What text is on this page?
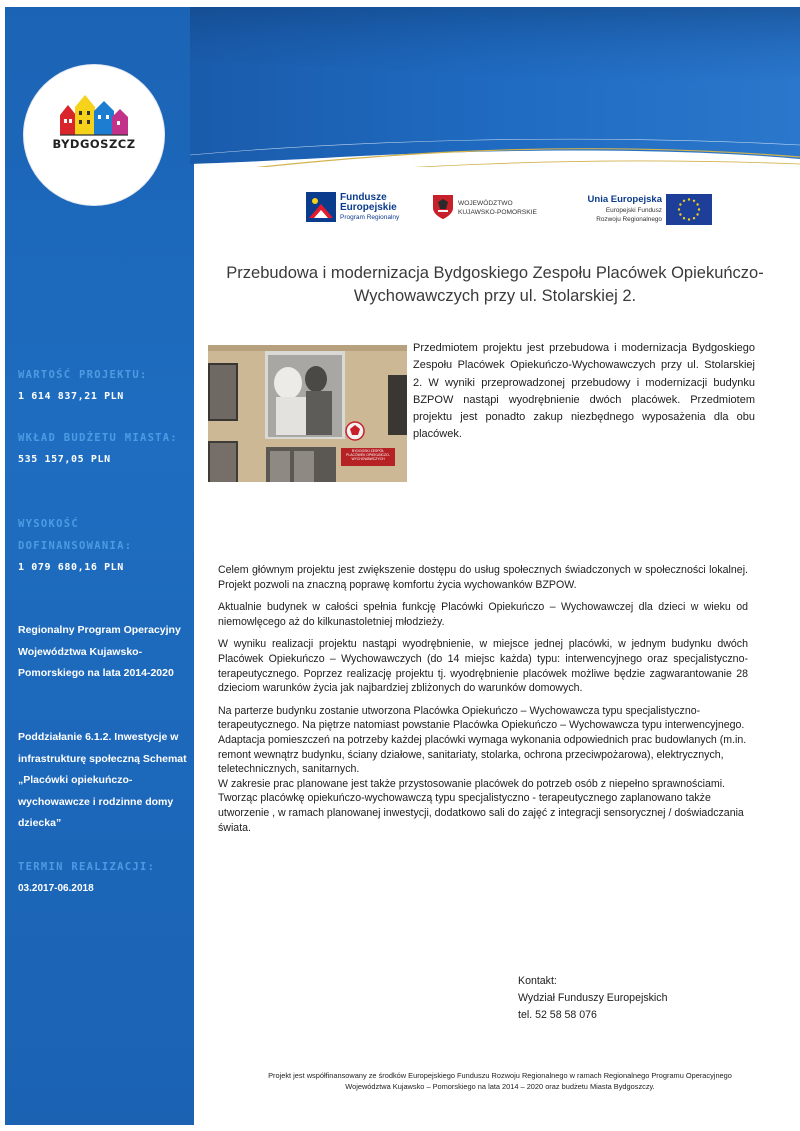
WARTOŚĆ PROJEKTU:
1 614 837,21 PLN
WKŁAD BUDŻETU MIASTA:
535 157,05 PLN
WYSOKOŚĆ DOFINANSOWANIA:
1 079 680,16 PLN
Regionalny Program Operacyjny Województwa Kujawsko-Pomorskiego na lata 2014-2020
Poddziałanie 6.1.2. Inwestycje w infrastrukturę społeczną Schemat „Placówki opiekuńczo-wychowawcze i rodzinne domy dziecka”
TERMIN REALIZACJI:
03.2017-06.2018
BYDGOSZCZ
Fundusze
Europejskie
Program Regionalny
WOJEWÓDZTWO
KUJAWSKO-POMORSKIE
Unia Europejska
Europejski Fundusz
Rozwoju Regionalnego
Przebudowa i modernizacja Bydgoskiego Zespołu Placówek Opiekuńczo-Wychowawczych przy ul. Stolarskiej 2.
BYDGOSKI ZESPÓŁ
PLACÓWEK OPIEKUŃCZO-WYCHOWAWCZYCH
Przedmiotem projektu jest przebudowa i modernizacja Bydgoskiego Zespołu Placówek Opiekuńczo-Wychowawczych przy ul. Stolarskiej 2. W wyniki przeprowadzonej przebudowy i modernizacji budynku BZPOW nastąpi wyodrębnienie dwóch placówek. Przedmiotem projektu jest ponadto zakup niezbędnego wyposażenia dla obu placówek.

Celem głównym projektu jest zwiększenie dostępu do usług społecznych świadczonych w społeczności lokalnej. Projekt pozwoli na znaczną poprawę komfortu życia wychowanków BZPOW.

Aktualnie budynek w całości spełnia funkcję Placówki Opiekuńczo – Wychowawczej dla dzieci w wieku od niemowlęcego aż do kilkunastoletniej młodzieży.

W wyniku realizacji projektu nastąpi wyodrębnienie, w miejsce jednej placówki, w jednym budynku dwóch Placówek Opiekuńczo – Wychowawczych (do 14 miejsc każda) typu: interwencyjnego oraz specjalistyczno-terapeutycznego. Poprzez realizację projektu tj. wyodrębnienie placówek możliwe będzie zagwarantowanie 28 dzieciom warunków życia jak najbardziej zbliżonych do warunków domowych.

Na parterze budynku zostanie utworzona Placówka Opiekuńczo – Wychowawcza typu specjalistyczno-terapeutycznego. Na piętrze natomiast powstanie Placówka Opiekuńczo – Wychowawcza typu interwencyjnego.
Adaptacja pomieszczeń na potrzeby każdej placówki wymaga wykonania odpowiednich prac budowlanych (m.in. remont wewnątrz budynku, ściany działowe, sanitariaty, stolarka, ochrona przeciwpożarowa), elektrycznych, teletechnicznych, sanitarnych.
W zakresie prac planowane jest także przystosowanie placówek do potrzeb osób z niepełno sprawnościami.
Tworząc placówkę opiekuńczo-wychowawczą typu specjalistyczno - terapeutycznego zaplanowano także utworzenie , w ramach planowanej inwestycji, dodatkowo sali do zajęć z integracji sensorycznej / doświadczania świata.
Kontakt:
Wydział Funduszy Europejskich
tel. 52 58 58 076
Projekt jest współfinansowany ze środków Europejskiego Funduszu Rozwoju Regionalnego w ramach Regionalnego Programu Operacyjnego
Województwa Kujawsko – Pomorskiego na lata 2014 – 2020 oraz budżetu Miasta Bydgoszczy.
